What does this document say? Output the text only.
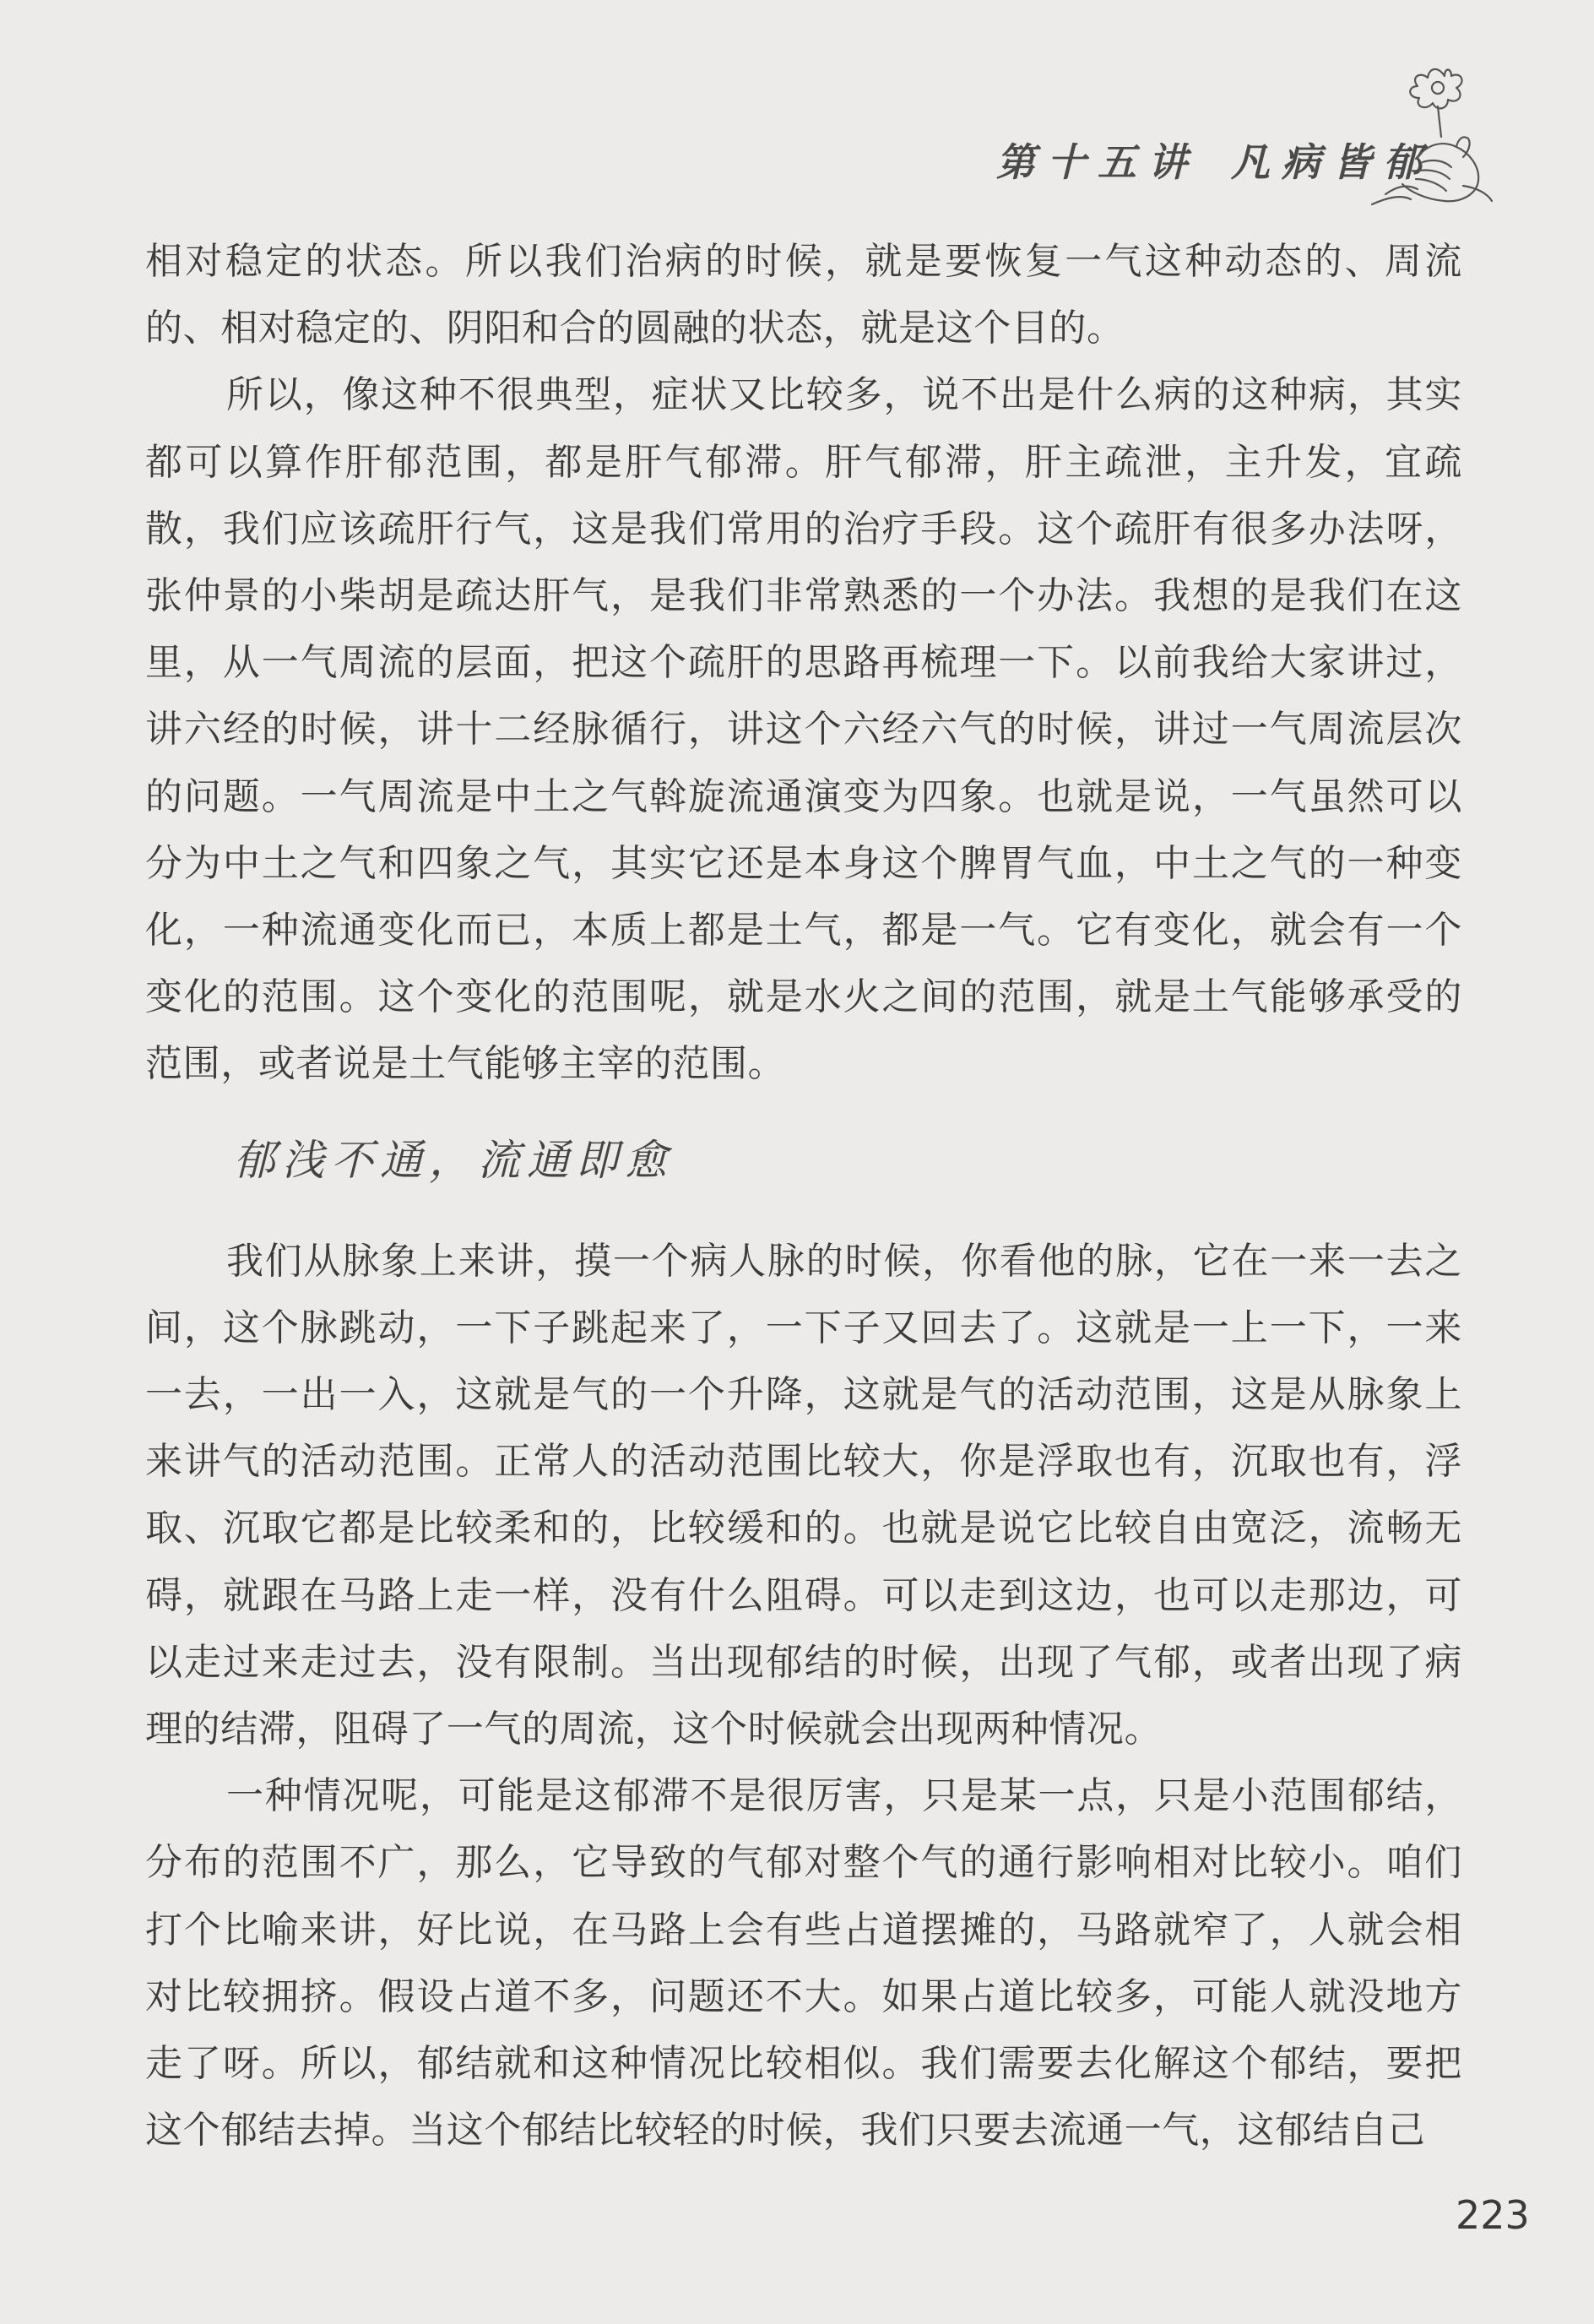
第十五讲 凡病皆郁

相对稳定的状态。所以我们治病的时候，就是要恢复一气这种动态的、周流的、相对稳定的、阴阳和合的圆融的状态，就是这个目的。

所以，像这种不很典型，症状又比较多，说不出是什么病的这种病，其实都可以算作肝郁范围，都是肝气郁滞。肝气郁滞，肝主疏泄，主升发，宜疏散，我们应该疏肝行气，这是我们常用的治疗手段。这个疏肝有很多办法呀，张仲景的小柴胡是疏达肝气，是我们非常熟悉的一个办法。我想的是我们在这里，从一气周流的层面，把这个疏肝的思路再梳理一下。以前我给大家讲过，讲六经的时候，讲十二经脉循行，讲这个六经六气的时候，讲过一气周流层次的问题。一气周流是中土之气斡旋流通演变为四象。也就是说，一气虽然可以分为中土之气和四象之气，其实它还是本身这个脾胃气血，中土之气的一种变化，一种流通变化而已，本质上都是土气，都是一气。它有变化，就会有一个变化的范围。这个变化的范围呢，就是水火之间的范围，就是土气能够承受的范围，或者说是土气能够主宰的范围。

郁浅不通，流通即愈

我们从脉象上来讲，摸一个病人脉的时候，你看他的脉，它在一来一去之间，这个脉跳动，一下子跳起来了，一下子又回去了。这就是一上一下，一来一去，一出一入，这就是气的一个升降，这就是气的活动范围，这是从脉象上来讲气的活动范围。正常人的活动范围比较大，你是浮取也有，沉取也有，浮取、沉取它都是比较柔和的，比较缓和的。也就是说它比较自由宽泛，流畅无碍，就跟在马路上走一样，没有什么阻碍。可以走到这边，也可以走那边，可以走过来走过去，没有限制。当出现郁结的时候，出现了气郁，或者出现了病理的结滞，阻碍了一气的周流，这个时候就会出现两种情况。

一种情况呢，可能是这郁滞不是很厉害，只是某一点，只是小范围郁结，分布的范围不广，那么，它导致的气郁对整个气的通行影响相对比较小。咱们打个比喻来讲，好比说，在马路上会有些占道摆摊的，马路就窄了，人就会相对比较拥挤。假设占道不多，问题还不大。如果占道比较多，可能人就没地方走了呀。所以，郁结就和这种情况比较相似。我们需要去化解这个郁结，要把这个郁结去掉。当这个郁结比较轻的时候，我们只要去流通一气，这郁结自己

223
